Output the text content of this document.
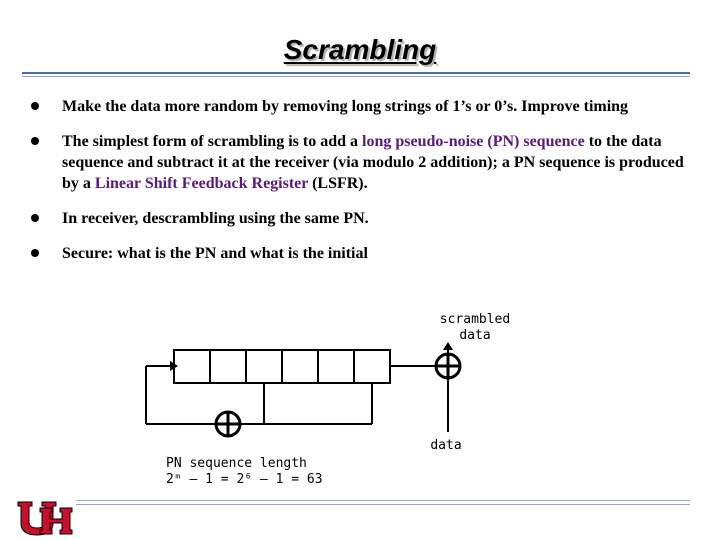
Scrambling
Make the data more random by removing long strings of 1’s or 0’s. Improve timing
The simplest form of scrambling is to add a long pseudo-noise (PN) sequence to the data sequence and subtract it at the receiver (via modulo 2 addition); a PN sequence is produced by a Linear Shift Feedback Register (LSFR).
In receiver, descrambling using the same PN.
Secure: what is the PN and what is the initial
scrambled
data
data
PN sequence length
2ᵐ – 1 = 2⁶ – 1 = 63
